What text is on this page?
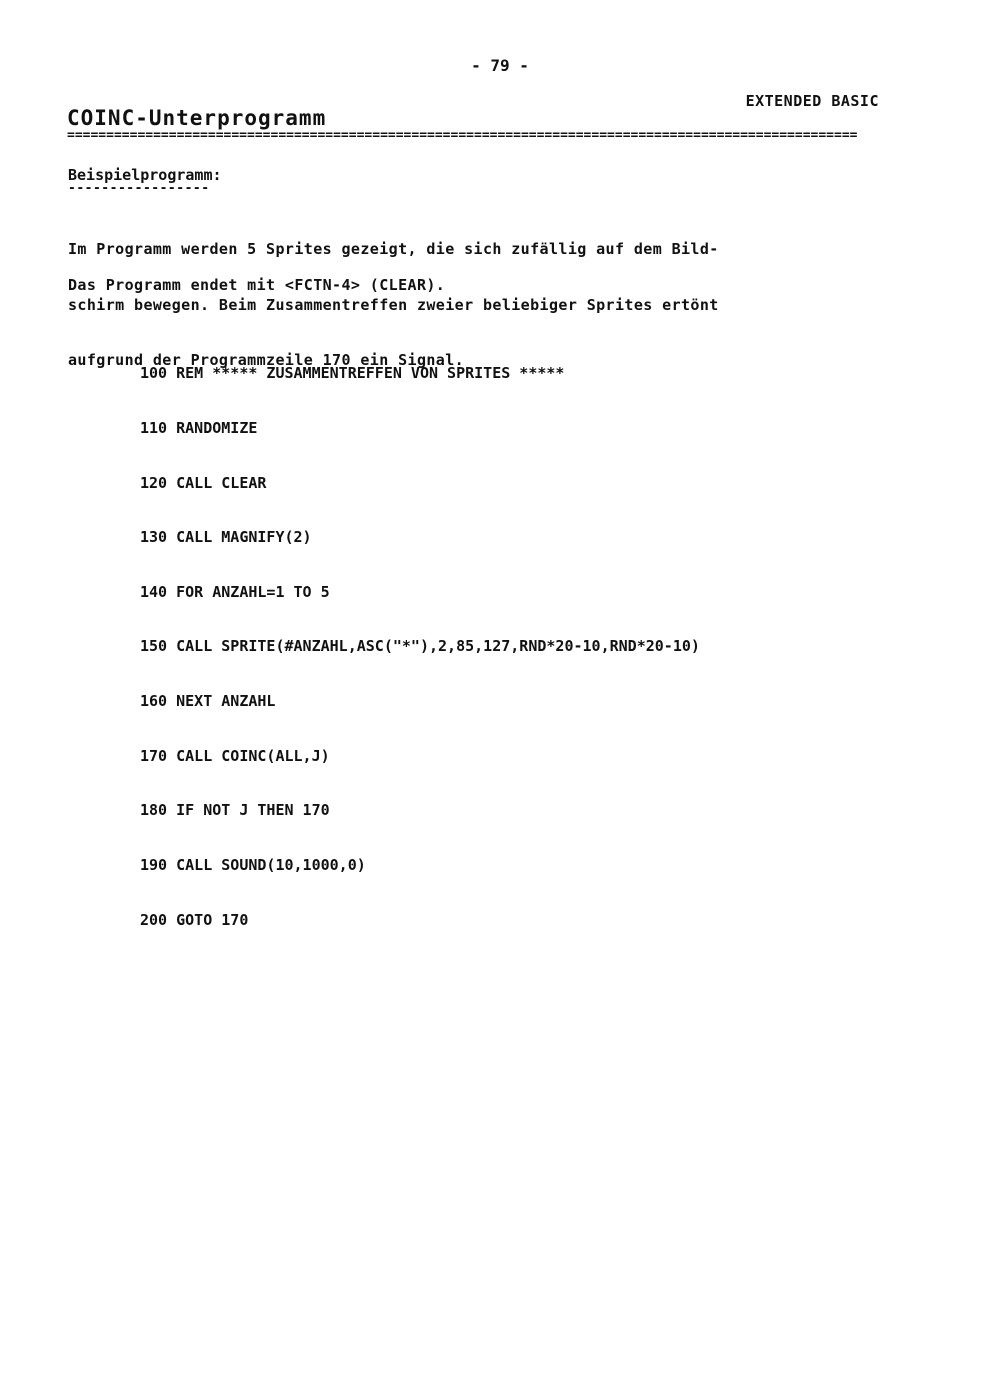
- 79 -
EXTENDED BASIC
COINC-Unterprogramm
=====================================================================================================
Beispielprogramm:
-----------------

Im Programm werden 5 Sprites gezeigt, die sich zufällig auf dem Bild-

schirm bewegen. Beim Zusammentreffen zweier beliebiger Sprites ertönt

aufgrund der Programmzeile 170 ein Signal.

Das Programm endet mit <FCTN-4> (CLEAR).

100 REM ***** ZUSAMMENTREFFEN VON SPRITES *****

110 RANDOMIZE

120 CALL CLEAR

130 CALL MAGNIFY(2)

140 FOR ANZAHL=1 TO 5

150 CALL SPRITE(#ANZAHL,ASC("*"),2,85,127,RND*20-10,RND*20-10)

160 NEXT ANZAHL

170 CALL COINC(ALL,J)

180 IF NOT J THEN 170

190 CALL SOUND(10,1000,0)

200 GOTO 170
